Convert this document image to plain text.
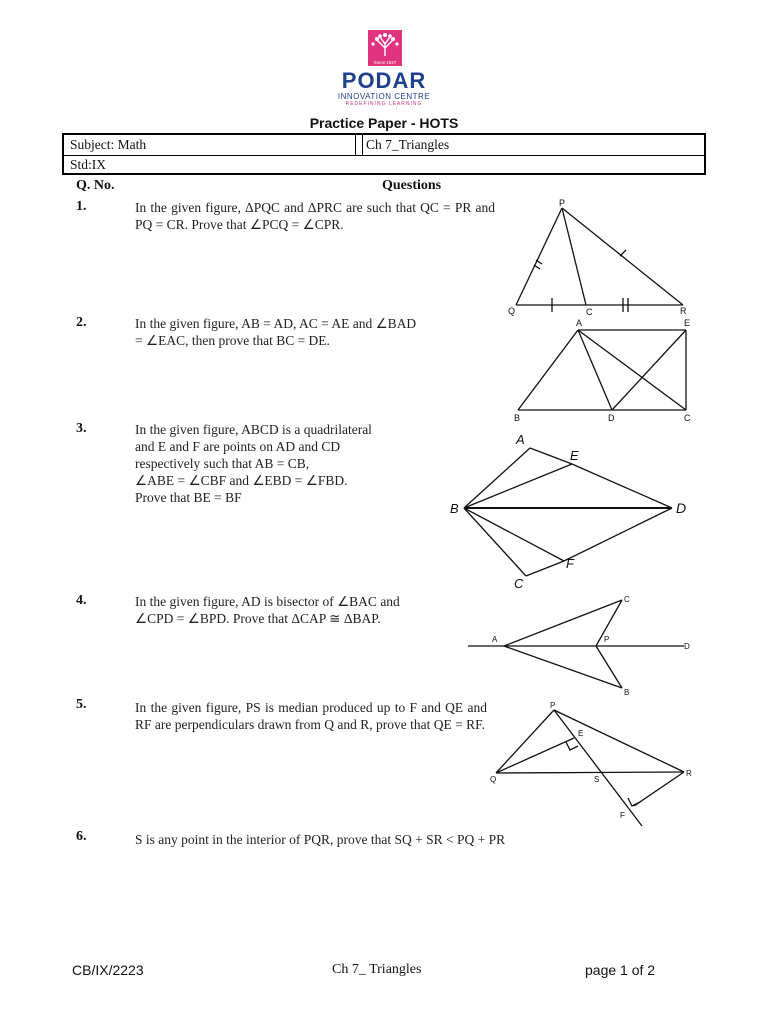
Since 1927
PODAR
INNOVATION CENTRE
REDEFINING LEARNING
Practice Paper - HOTS
Subject: Math	Ch 7_Triangles
Std:IX
Q. No.	Questions
1.	In the given figure, ΔPQC and ΔPRC are such that QC = PR and PQ = CR. Prove that ∠PCQ = ∠CPR.
P
Q	C	R
2.	In the given figure, AB = AD, AC = AE and ∠BAD = ∠EAC, then prove that BC = DE.
A	E
B	D	C
3.	In the given figure, ABCD is a quadrilateral
and E and F are points on AD and CD
respectively such that AB = CB,
∠ABE = ∠CBF and ∠EBD = ∠FBD.
Prove that BE = BF
A
E
B	D
C
F
4.	In the given figure, AD is bisector of ∠BAC and
∠CPD = ∠BPD. Prove that ΔCAP ≅ ΔBAP.
C
A	P
D
B
5.	In the given figure, PS is median produced up to F and QE and RF are perpendiculars drawn from Q and R, prove that QE = RF.
P
E
Q	S
R
F
6.	S is any point in the interior of PQR, prove that SQ + SR < PQ + PR
CB/IX/2223	Ch 7_ Triangles	page 1 of 2
